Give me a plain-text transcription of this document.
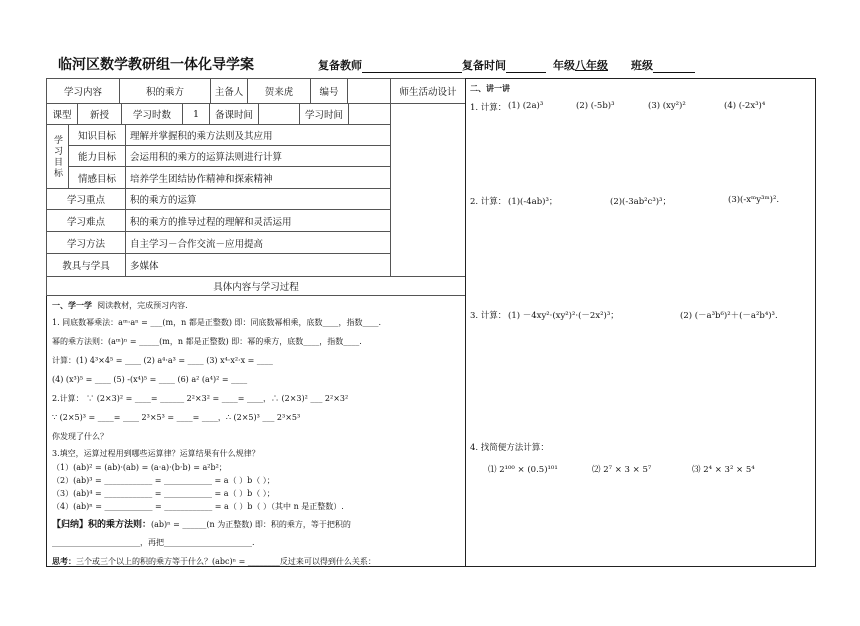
临河区数学教研组一体化导学案	复备教师	复备时间	年级八年级 班级
学习内容	积的乘方	主备人	贺来虎	编号	师生活动设计
课型	新授	学习时数	1	备课时间	学习时间
学习目标	知识目标	理解并掌握积的乘方法则及其应用
能力目标	会运用积的乘方的运算法则进行计算
情感目标	培养学生团结协作精神和探索精神
学习重点	积的乘方的运算
学习难点	积的乘方的推导过程的理解和灵活运用
学习方法	自主学习－合作交流－应用提高
教具与学具	多媒体
具体内容与学习过程
一、学一学 阅读教材，完成预习内容.
1. 同底数幂乘法：aᵐ·aⁿ = ___(m，n 都是正整数) 即：同底数幂相乘，底数____，指数____.
幂的乘方法则：(aᵐ)ⁿ = _____(m，n 都是正整数) 即：幂的乘方，底数____，指数____.
计算：(1) 4³×4⁵ = ____ (2) a⁴·a³ = ____ (3) x⁴·x²·x = ____
(4) (x³)⁵ = ____ (5) -(x⁴)⁵ = ____ (6) a² (a⁴)² = ____
2.计算： ∵ (2×3)² = ____= ______ 2²×3² = ____= ____，∴ (2×3)² ___ 2²×3²
∵ (2×5)³ = ____= ____ 2³×5³ = ____= ____，∴ (2×5)³ ___ 2³×5³
你发现了什么？
3.填空，运算过程用到哪些运算律？运算结果有什么规律？
（1）(ab)² = (ab)·(ab) = (a·a)·(b·b) = a²b²；
（2）(ab)³ = ____________ = ____________ = a（ ）b（ ）；
（3）(ab)⁴ = ____________ = ____________ = a（ ）b（ ）；
（4）(ab)ⁿ = ____________ = ____________ = a（ ）b（ ）（其中 n 是正整数）.
【归纳】积的乘方法则：(ab)ⁿ = ______(n 为正整数) 即：积的乘方，等于把积的
______________________，再把______________________.
思考：三个或三个以上的积的乘方等于什么？(abc)ⁿ = ________反过来可以得到什么关系：
二、讲一讲
1. 计算： (1) (2a)³	(2) (-5b)³	(3) (xy²)²	(4) (-2x³)⁴
2. 计算： (1)(-4ab)³；	(2)(-3ab²c³)³；	(3)(-xᵐy³ᵐ)².
3. 计算： (1) －4xy²·(xy²)²·(－2x²)³；	(2) (－a³b⁶)²＋(－a²b⁴)³.
4. 找简便方法计算：
⑴ 2¹⁰⁰ × (0.5)¹⁰¹	⑵ 2⁷ × 3 × 5⁷	⑶ 2⁴ × 3² × 5⁴
